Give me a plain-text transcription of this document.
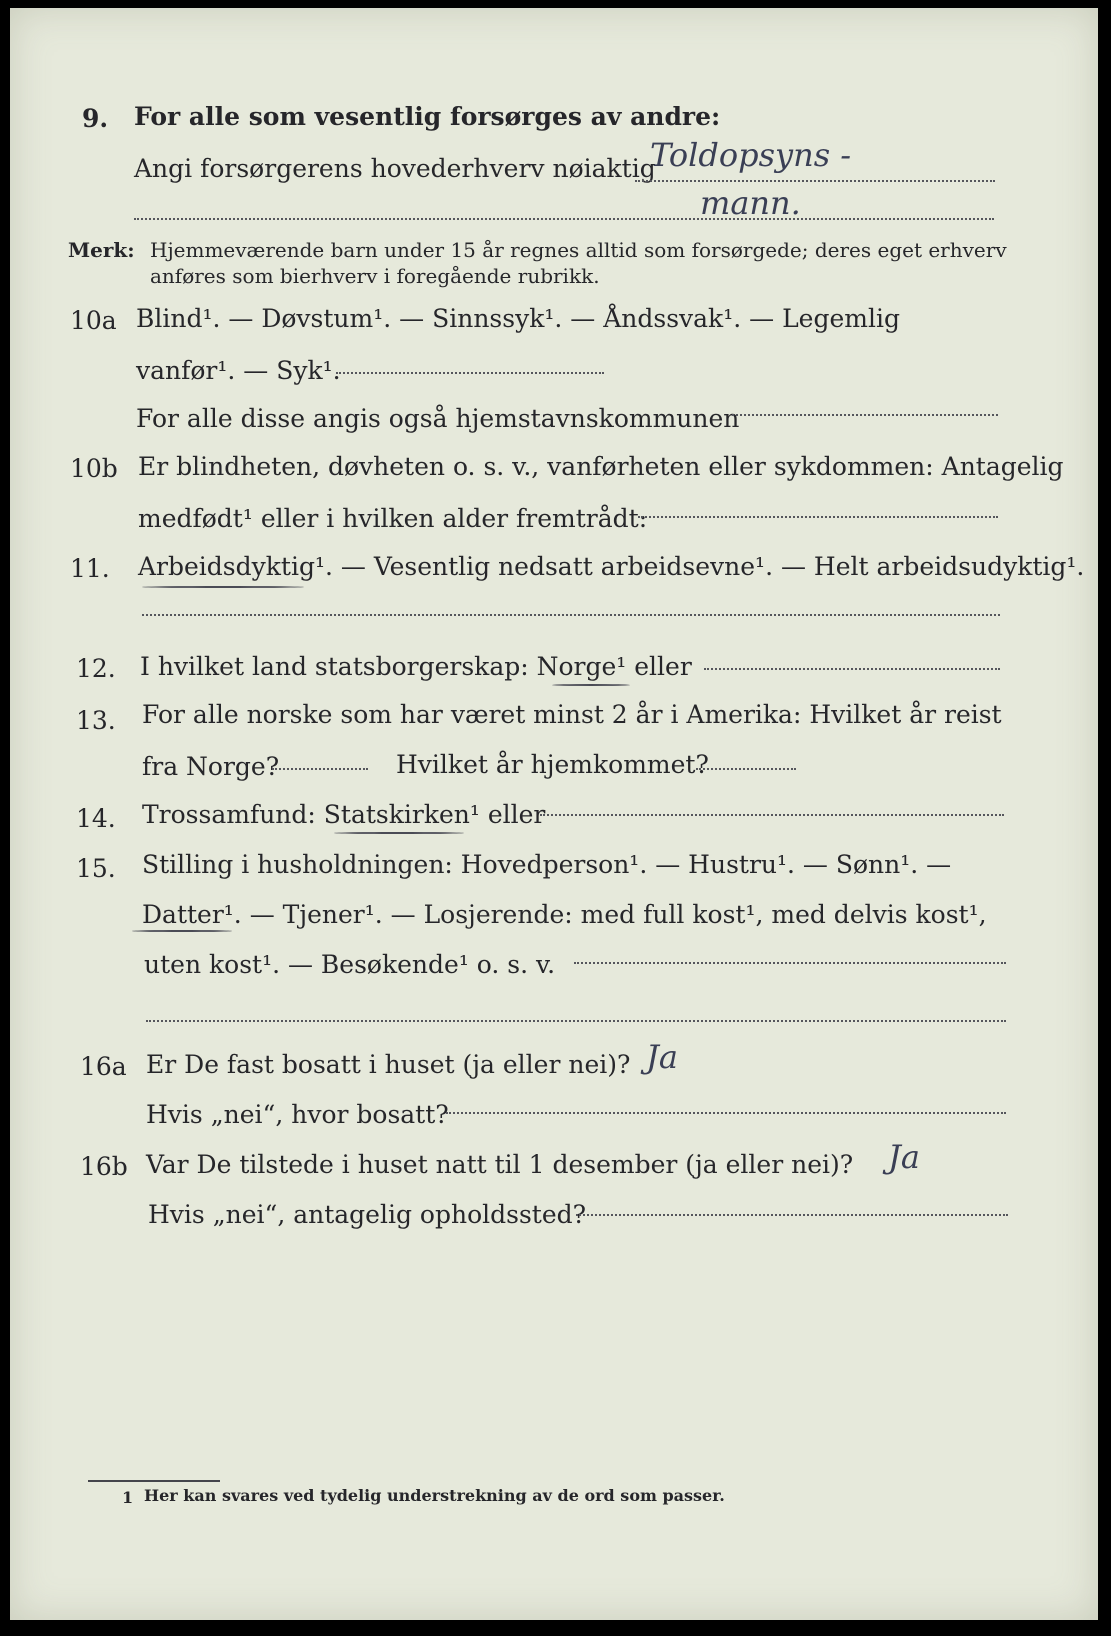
9. For alle som vesentlig forsørges av andre:
Angi forsørgerens hovederhverv nøiaktig
Toldopsyns -
mann.
Merk: Hjemmeværende barn under 15 år regnes alltid som forsørgede; deres eget erhverv
anføres som bierhverv i foregående rubrikk.
10a Blind¹. — Døvstum¹. — Sinnssyk¹. — Åndssvak¹. — Legemlig
vanfør¹. — Syk¹.
For alle disse angis også hjemstavnskommunen
10b Er blindheten, døvheten o. s. v., vanførheten eller sykdommen: Antagelig
medfødt¹ eller i hvilken alder fremtrådt:
11. Arbeidsdyktig¹. — Vesentlig nedsatt arbeidsevne¹. — Helt arbeidsudyktig¹.
12. I hvilket land statsborgerskap: Norge¹ eller
13. For alle norske som har været minst 2 år i Amerika: Hvilket år reist
fra Norge?	Hvilket år hjemkommet?
14. Trossamfund: Statskirken¹ eller
15. Stilling i husholdningen: Hovedperson¹. — Hustru¹. — Sønn¹. —
Datter¹. — Tjener¹. — Losjerende: med full kost¹, med delvis kost¹,
uten kost¹. — Besøkende¹ o. s. v.
16a Er De fast bosatt i huset (ja eller nei)? Ja
Hvis „nei“, hvor bosatt?
16b Var De tilstede i huset natt til 1 desember (ja eller nei)? Ja
Hvis „nei“, antagelig opholdssted?
1 Her kan svares ved tydelig understrekning av de ord som passer.
